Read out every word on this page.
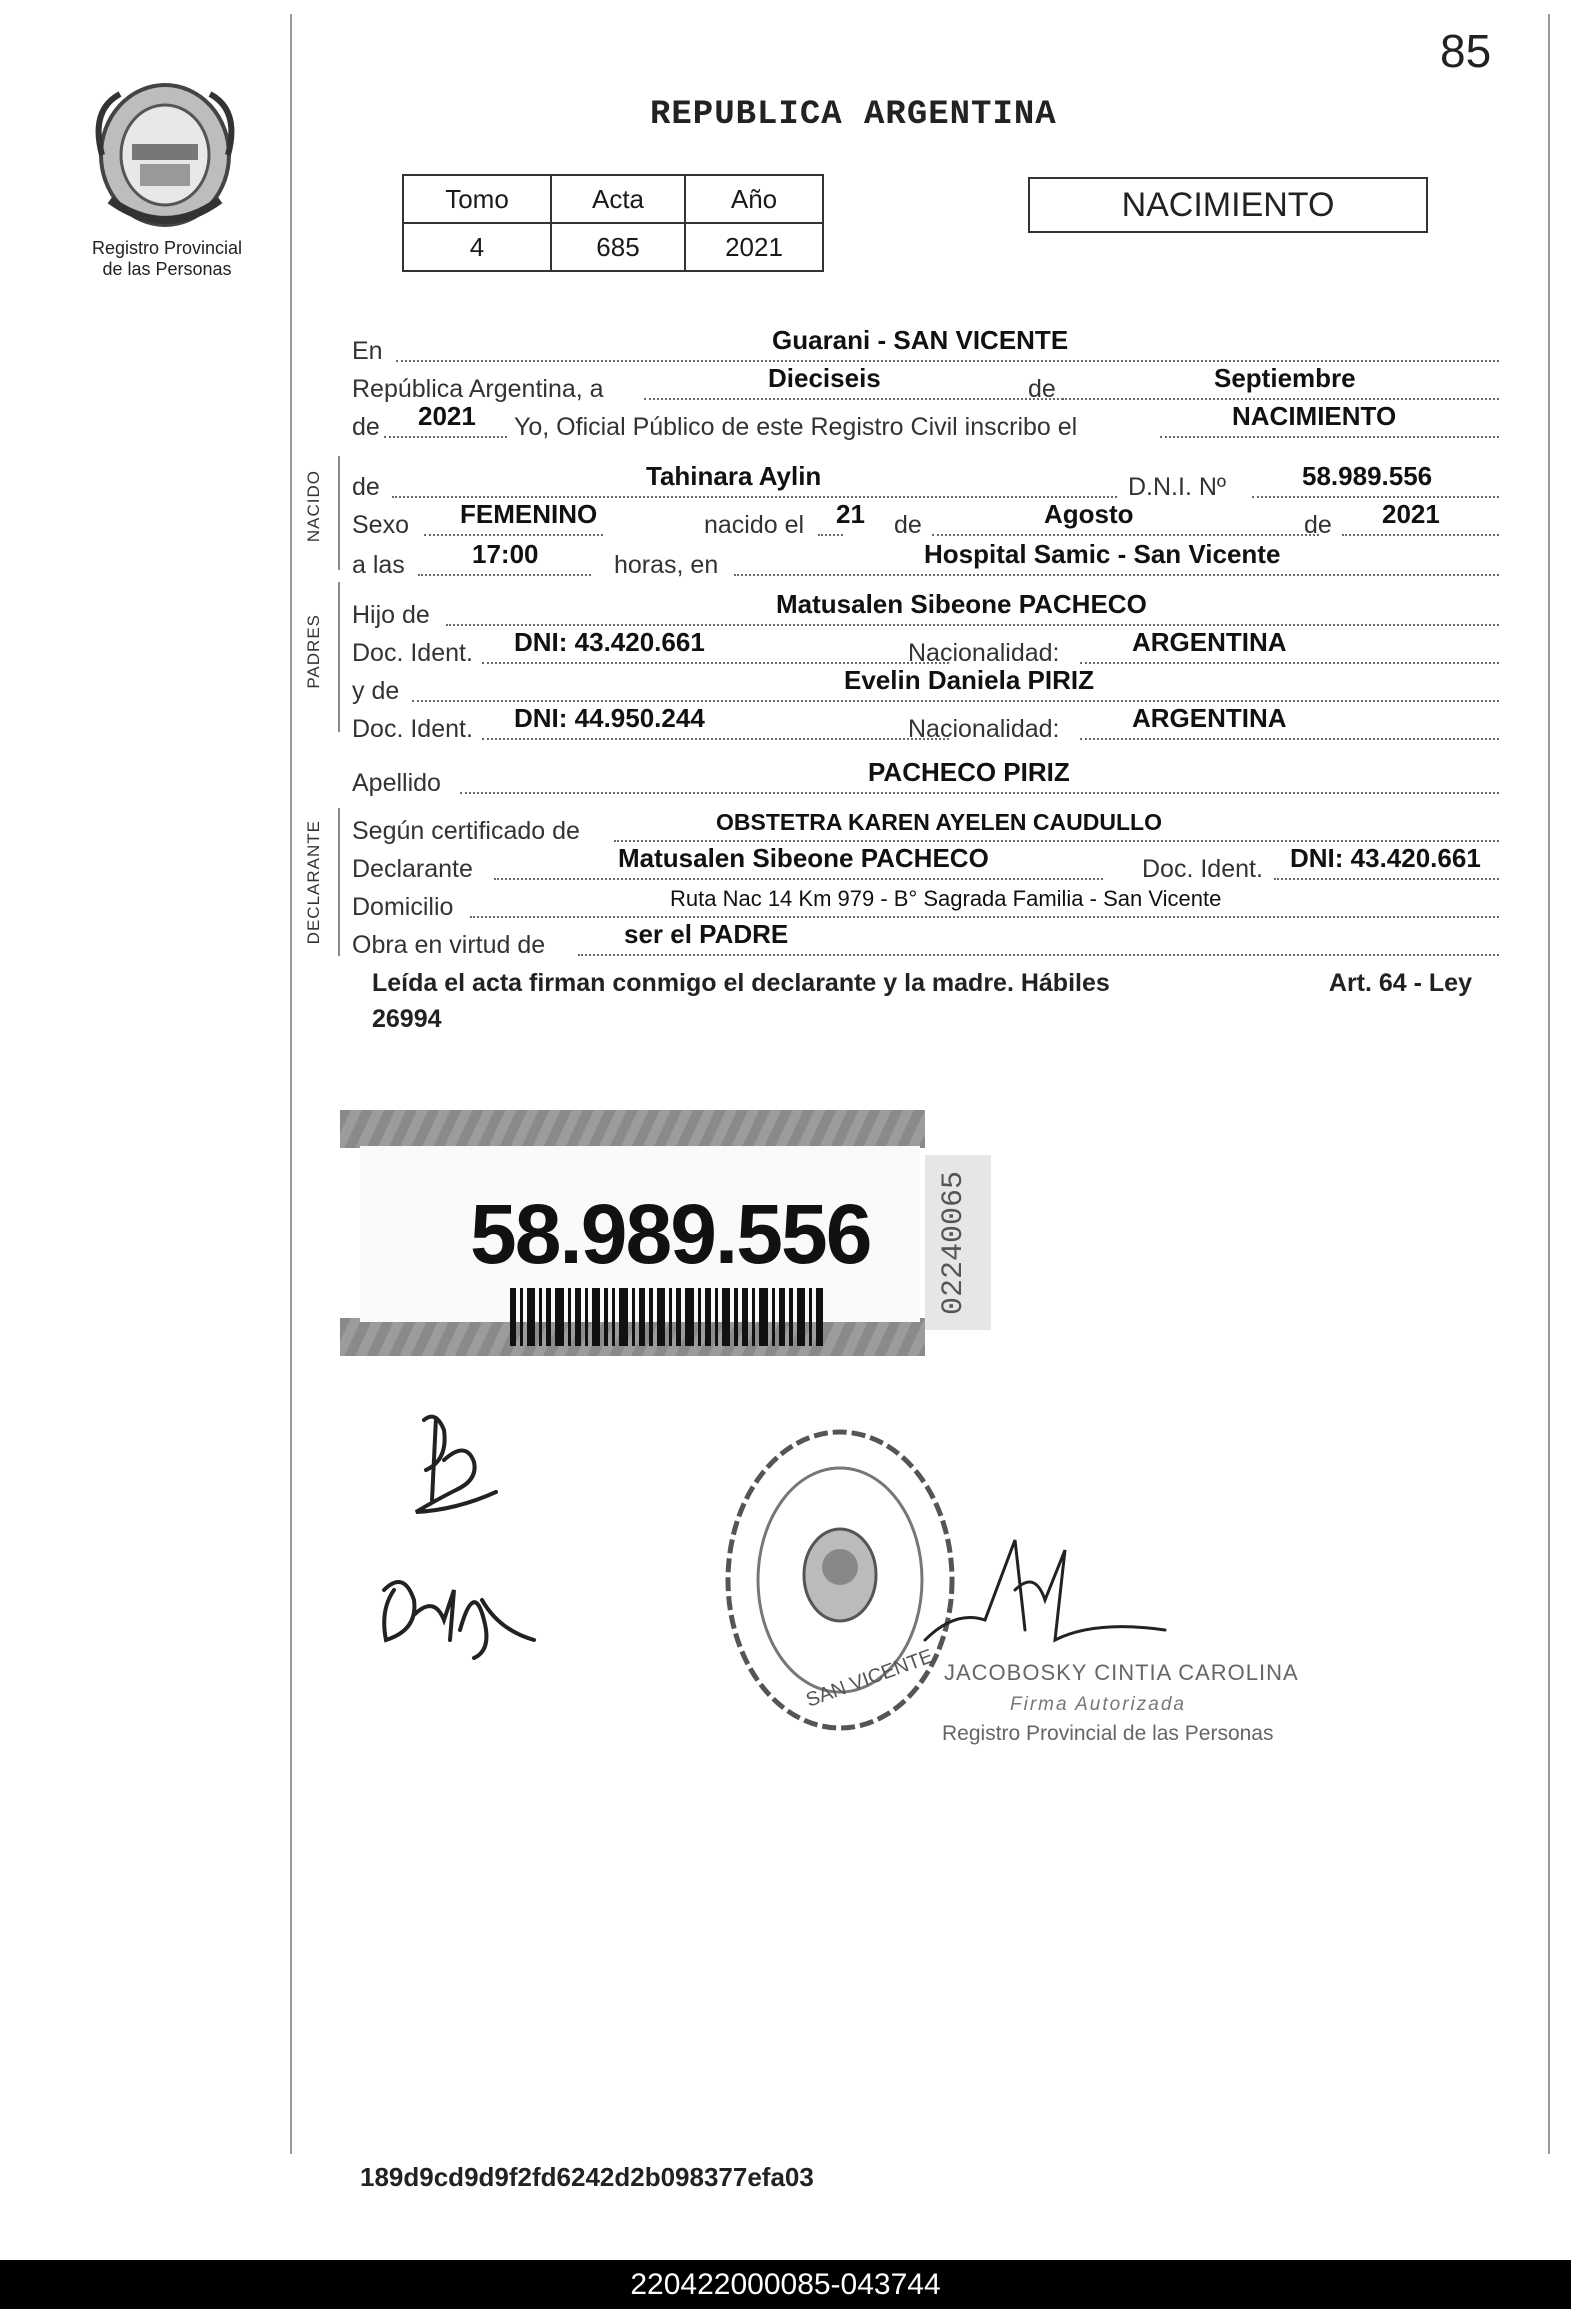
85
REPUBLICA ARGENTINA
Registro Provincial
de las Personas
Tomo	Acta	Año
4	685	2021
NACIMIENTO
NACIDO
PADRES
DECLARANTE
En	Guarani - SAN VICENTE
República Argentina, a	Dieciseis	de	Septiembre
de 2021 Yo, Oficial Público de este Registro Civil inscribo el	NACIMIENTO
de	Tahinara Aylin	D.N.I. Nº	58.989.556
Sexo FEMENINO	nacido el 21 de	Agosto	de 2021
a las	17:00	horas, en	Hospital Samic - San Vicente
Hijo de	Matusalen Sibeone PACHECO
Doc. Ident. DNI: 43.420.661	Nacionalidad:	ARGENTINA
y de	Evelin Daniela PIRIZ
Doc. Ident. DNI: 44.950.244	Nacionalidad:	ARGENTINA
Apellido	PACHECO PIRIZ
Según certificado de	OBSTETRA KAREN AYELEN CAUDULLO
Declarante	Matusalen Sibeone PACHECO	Doc. Ident. DNI: 43.420.661
Domicilio	Ruta Nac 14 Km 979 - B° Sagrada Familia - San Vicente
Obra en virtud de	ser el PADRE
Leída el acta firman conmigo el declarante y la madre. Hábiles	Art. 64 - Ley
26994
58.989.556 02240065
SAN VICENTE JACOBOSKY CINTIA CAROLINA
Firma Autorizada
Registro Provincial de las Personas
189d9cd9d9f2fd6242d2b098377efa03
220422000085-043744
